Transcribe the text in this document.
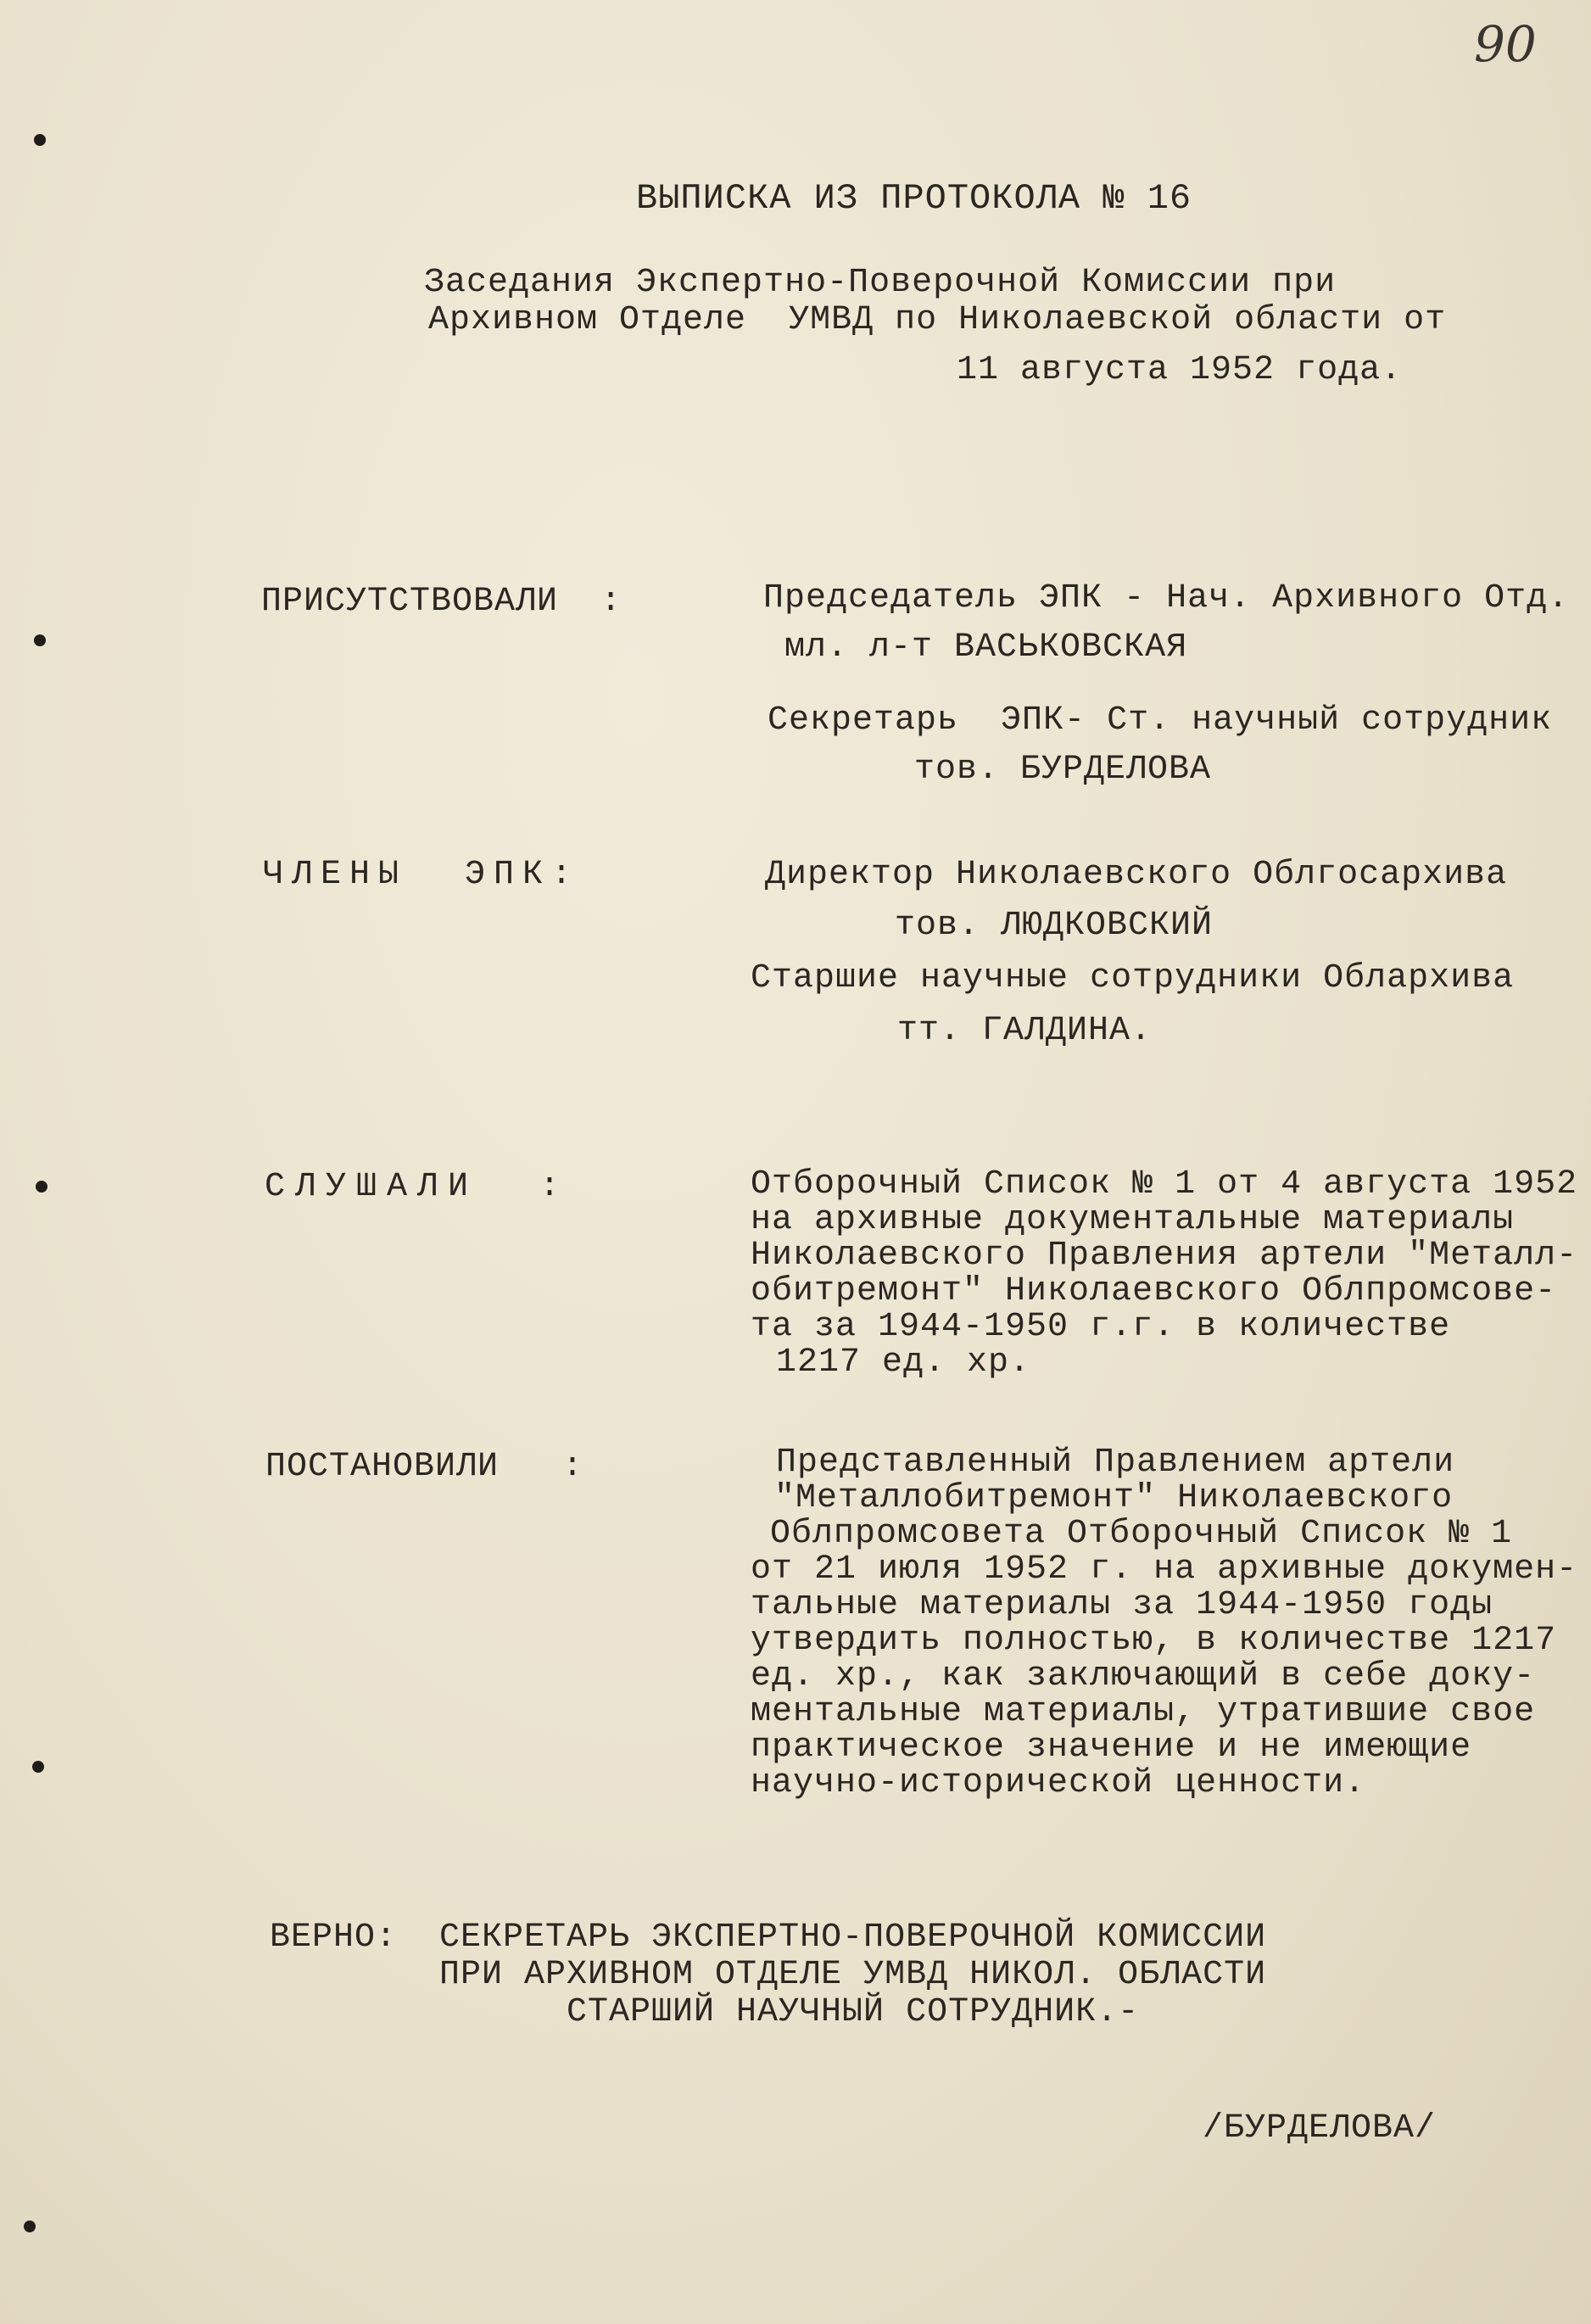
90
ВЫПИСКА ИЗ ПРОТОКОЛА № 16
Заседания Экспертно-Поверочной Комиссии при
Архивном Отделе  УМВД по Николаевской области от
11 августа 1952 года.
ПРИСУТСТВОВАЛИ  :	Председатель ЭПК - Нач. Архивного Отд.
мл. л-т ВАСЬКОВСКАЯ
Секретарь  ЭПК- Ст. научный сотрудник
тов. БУРДЕЛОВА
ЧЛЕНЫ  ЭПК:	Директор Николаевского Облгосархива
тов. ЛЮДКОВСКИЙ
Старшие научные сотрудники Облархива
тт. ГАЛДИНА.
СЛУШАЛИ  :	Отборочный Список № 1 от 4 августа 1952
на архивные документальные материалы
Николаевского Правления артели "Металл-
обитремонт" Николаевского Облпромсове-
та за 1944-1950 г.г. в количестве
1217 ед. хр.
ПОСТАНОВИЛИ   :	Представленный Правлением артели
"Металлобитремонт" Николаевского
Облпромсовета Отборочный Список № 1
от 21 июля 1952 г. на архивные докумен-
тальные материалы за 1944-1950 годы
утвердить полностью, в количестве 1217
ед. хр., как заключающий в себе доку-
ментальные материалы, утратившие свое
практическое значение и не имеющие
научно-исторической ценности.
ВЕРНО: СЕКРЕТАРЬ ЭКСПЕРТНО-ПОВЕРОЧНОЙ КОМИССИИ
ПРИ АРХИВНОМ ОТДЕЛЕ УМВД НИКОЛ. ОБЛАСТИ
СТАРШИЙ НАУЧНЫЙ СОТРУДНИК.-
/БУРДЕЛОВА/
